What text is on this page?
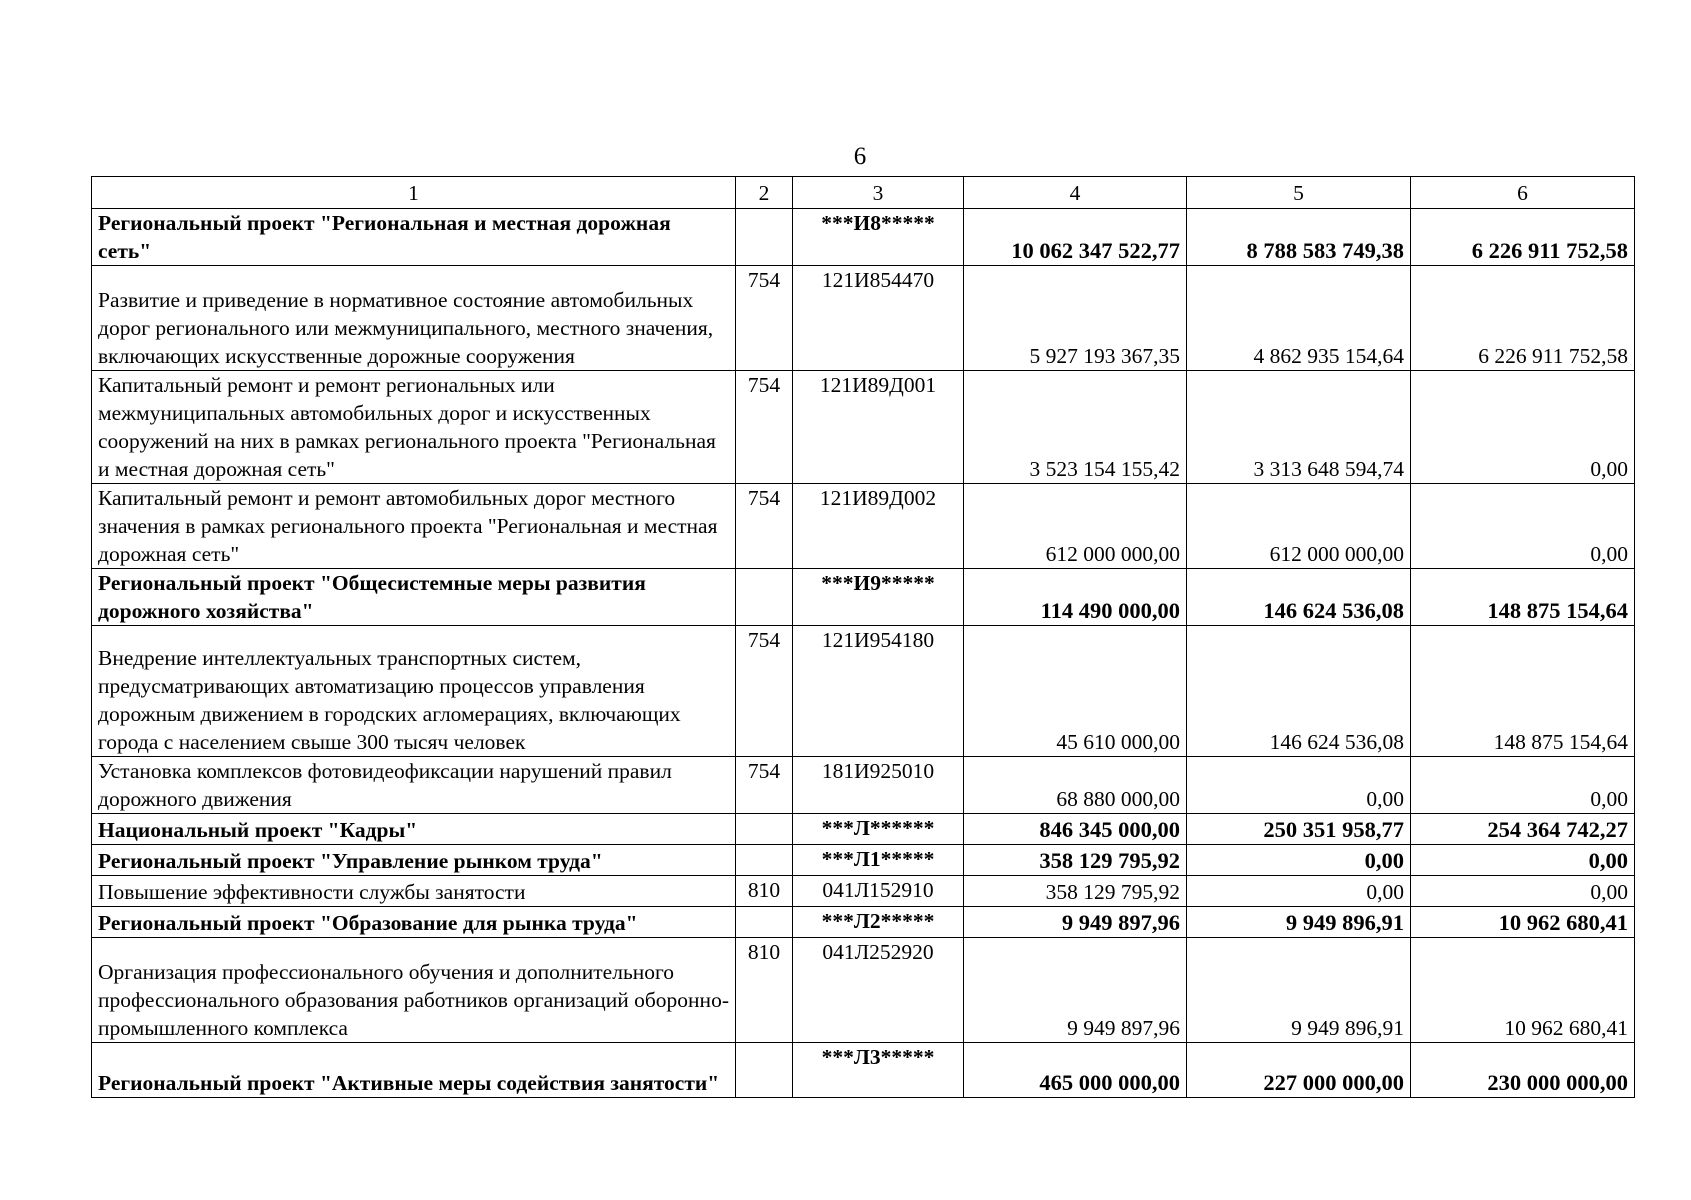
6
1	2	3	4	5	6
Региональный проект "Региональная и местная дорожная сеть"		***И8*****	10 062 347 522,77	8 788 583 749,38	6 226 911 752,58
Развитие и приведение в нормативное состояние автомобильных дорог регионального или межмуниципального, местного значения, включающих искусственные дорожные сооружения	754	121И854470	5 927 193 367,35	4 862 935 154,64	6 226 911 752,58
Капитальный ремонт и ремонт региональных или межмуниципальных автомобильных дорог и искусственных сооружений на них в рамках регионального проекта "Региональная и местная дорожная сеть"	754	121И89Д001	3 523 154 155,42	3 313 648 594,74	0,00
Капитальный ремонт и ремонт автомобильных дорог местного значения в рамках регионального проекта "Региональная и местная дорожная сеть"	754	121И89Д002	612 000 000,00	612 000 000,00	0,00
Региональный проект "Общесистемные меры развития дорожного хозяйства"		***И9*****	114 490 000,00	146 624 536,08	148 875 154,64
Внедрение интеллектуальных транспортных систем, предусматривающих автоматизацию процессов управления дорожным движением в городских агломерациях, включающих города с населением свыше 300 тысяч человек	754	121И954180	45 610 000,00	146 624 536,08	148 875 154,64
Установка комплексов фотовидеофиксации нарушений правил дорожного движения	754	181И925010	68 880 000,00	0,00	0,00
Национальный проект "Кадры"		***Л******	846 345 000,00	250 351 958,77	254 364 742,27
Региональный проект "Управление рынком труда"		***Л1*****	358 129 795,92	0,00	0,00
Повышение эффективности службы занятости	810	041Л152910	358 129 795,92	0,00	0,00
Региональный проект "Образование для рынка труда"		***Л2*****	9 949 897,96	9 949 896,91	10 962 680,41
Организация профессионального обучения и дополнительного профессионального образования работников организаций оборонно-промышленного комплекса	810	041Л252920	9 949 897,96	9 949 896,91	10 962 680,41
Региональный проект "Активные меры содействия занятости"		***Л3*****	465 000 000,00	227 000 000,00	230 000 000,00
